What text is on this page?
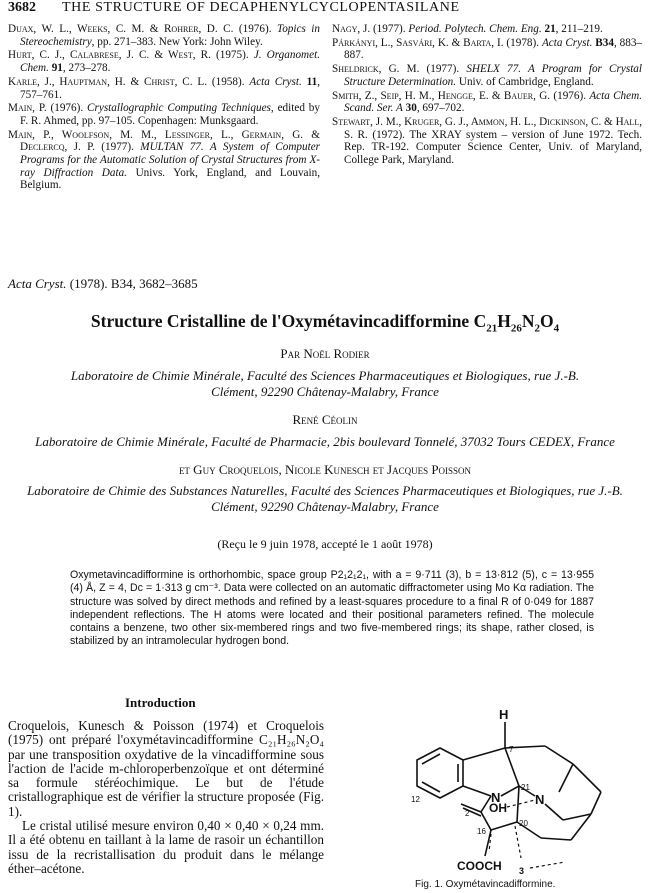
3682 THE STRUCTURE OF DECAPHENYLCYCLOPENTASILANE
Duax, W. L., Weeks, C. M. & Rohrer, D. C. (1976). Topics in Stereochemistry, pp. 271–383. New York: John Wiley.
Hurt, C. J., Calabrese, J. C. & West, R. (1975). J. Organomet. Chem. 91, 273–278.
Karle, J., Hauptman, H. & Christ, C. L. (1958). Acta Cryst. 11, 757–761.
Main, P. (1976). Crystallographic Computing Techniques, edited by F. R. Ahmed, pp. 97–105. Copenhagen: Munksgaard.
Main, P., Woolfson, M. M., Lessinger, L., Germain, G. & Declercq, J. P. (1977). MULTAN 77. A System of Computer Programs for the Automatic Solution of Crystal Structures from X-ray Diffraction Data. Univs. York, England, and Louvain, Belgium.
Nagy, J. (1977). Period. Polytech. Chem. Eng. 21, 211–219.
Párkányi, L., Sasvári, K. & Barta, I. (1978). Acta Cryst. B34, 883–887.
Sheldrick, G. M. (1977). SHELX 77. A Program for Crystal Structure Determination. Univ. of Cambridge, England.
Smith, Z., Seip, H. M., Hengge, E. & Bauer, G. (1976). Acta Chem. Scand. Ser. A 30, 697–702.
Stewart, J. M., Kruger, G. J., Ammon, H. L., Dickinson, C. & Hall, S. R. (1972). The XRAY system – version of June 1972. Tech. Rep. TR-192. Computer Science Center, Univ. of Maryland, College Park, Maryland.
Acta Cryst. (1978). B34, 3682–3685
Structure Cristalline de l'Oxymétavincadifformine $C_{21}H_{26}N_2O_4$
Par Noël Rodier
Laboratoire de Chimie Minérale, Faculté des Sciences Pharmaceutiques et Biologiques, rue J.-B. Clément, 92290 Châtenay-Malabry, France
René Céolin
Laboratoire de Chimie Minérale, Faculté de Pharmacie, 2bis boulevard Tonnelé, 37032 Tours CEDEX, France
et Guy Croquelois, Nicole Kunesch et Jacques Poisson
Laboratoire de Chimie des Substances Naturelles, Faculté des Sciences Pharmaceutiques et Biologiques, rue J.-B. Clément, 92290 Châtenay-Malabry, France
(Reçu le 9 juin 1978, accepté le 1 août 1978)

Oxymetavincadifformine is orthorhombic, space group P2₁2₁2₁, with a = 9·711 (3), b = 13·812 (5), c = 13·955 (4) Å, Z = 4, Dc = 1·313 g cm⁻³. Data were collected on an automatic diffractometer using Mo Kα radiation. The structure was solved by direct methods and refined by a least-squares procedure to a final R of 0·049 for 1887 independent reflections. The H atoms were located and their positional parameters refined. The molecule contains a benzene, two other six-membered rings and two five-membered rings; its shape, rather closed, is stabilized by an intramolecular hydrogen bond.

Introduction

Croquelois, Kunesch & Poisson (1974) et Croquelois (1975) ont préparé l'oxymétavincadifformine C₂₁H₂₆N₂O₄ par une transposition oxydative de la vincadifformine sous l'action de l'acide m-chloroperbenzoïque et ont déterminé sa formule stéréochimique. Le but de l'étude cristallographique est de vérifier la structure proposée (Fig. 1).

Le cristal utilisé mesure environ 0,40 × 0,40 × 0,24 mm. Il a été obtenu en taillant à la lame de rasoir un échantillon issu de la recristallisation du produit dans le mélange éther–acétone.

H
7
N
21
N
12
2 OH
16
20
COOCH 3
Fig. 1. Oxymétavincadifformine.
